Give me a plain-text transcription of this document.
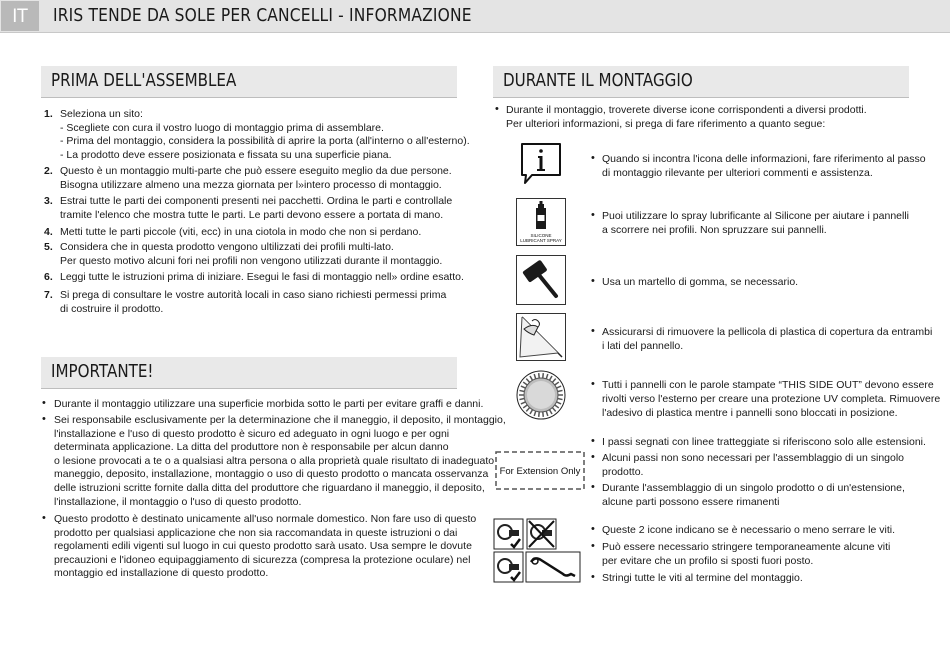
IT	IRIS TENDE DA SOLE PER CANCELLI - INFORMAZIONE
PRIMA DELL'ASSEMBLEA
IMPORTANTE!
DURANTE IL MONTAGGIO
• Durante il montaggio, troverete diverse icone corrispondenti a diversi prodotti.
Per ulteriori informazioni, si prega di fare riferimento a quanto segue:
SILICONE
LUBRICANT SPRAY
For Extension Only
1. Seleziona un sito:
- Scegliete con cura il vostro luogo di montaggio prima di assemblare.
- Prima del montaggio, considera la possibilità di aprire la porta (all'interno o all'esterno).
- La prodotto deve essere posizionata e fissata su una superficie piana.
2. Questo è un montaggio multi-parte che può essere eseguito meglio da due persone.
Bisogna utilizzare almeno una mezza giornata per l»intero processo di montaggio.
3. Estrai tutte le parti dei componenti presenti nei pacchetti. Ordina le parti e controllale
tramite l'elenco che mostra tutte le parti. Le parti devono essere a portata di mano.
4. Metti tutte le parti piccole (viti, ecc) in una ciotola in modo che non si perdano.
5. Considera che in questa prodotto vengono ultilizzati dei profili multi-lato.
Per questo motivo alcuni fori nei profili non vengono utilizzati durante il montaggio.
6. Leggi tutte le istruzioni prima di iniziare. Esegui le fasi di montaggio nell» ordine esatto.
7. Si prega di consultare le vostre autorità locali in caso siano richiesti permessi prima
di costruire il prodotto.
• Durante il montaggio utilizzare una superficie morbida sotto le parti per evitare graffi e danni.
• Sei responsabile esclusivamente per la determinazione che il maneggio, il deposito, il montaggio,
l'installazione e l'uso di questo prodotto è sicuro ed adeguato in ogni luogo e per ogni
determinata applicazione. La ditta del produttore non è responsabile per alcun danno
o lesione provocati a te o a qualsiasi altra persona o alla proprietà quale risultato di inadeguato
maneggio, deposito, installazione, montaggio o uso di questo prodotto o mancata osservanza
delle istruzioni scritte fornite dalla ditta del produttore che riguardano il maneggio, il deposito,
l'installazione, il montaggio o l'uso di questo prodotto.
• Questo prodotto è destinato unicamente all'uso normale domestico. Non fare uso di questo
prodotto per qualsiasi applicazione che non sia raccomandata in queste istruzioni o dai
regolamenti edili vigenti sul luogo in cui questo prodotto sarà usato. Usa sempre le dovute
precauzioni e l'idoneo equipaggiamento di sicurezza (compresa la protezione oculare) nel
montaggio ed installazione di questo prodotto.
• Quando si incontra l'icona delle informazioni, fare riferimento al passo
di montaggio rilevante per ulteriori commenti e assistenza.
• Puoi utilizzare lo spray lubrificante al Silicone per aiutare i pannelli
a scorrere nei profili. Non spruzzare sui pannelli.
• Usa un martello di gomma, se necessario.
• Assicurarsi di rimuovere la pellicola di plastica di copertura da entrambi
i lati del pannello.
• Tutti i pannelli con le parole stampate “THIS SIDE OUT” devono essere
rivolti verso l'esterno per creare una protezione UV completa. Rimuovere
l'adesivo di plastica mentre i pannelli sono bloccati in posizione.
• I passi segnati con linee tratteggiate si riferiscono solo alle estensioni.
• Alcuni passi non sono necessari per l'assemblaggio di un singolo
prodotto.
• Durante l'assemblaggio di un singolo prodotto o di un'estensione,
alcune parti possono essere rimanenti
• Queste 2 icone indicano se è necessario o meno serrare le viti.
• Può essere necessario stringere temporaneamente alcune viti
per evitare che un profilo si sposti fuori posto.
• Stringi tutte le viti al termine del montaggio.
